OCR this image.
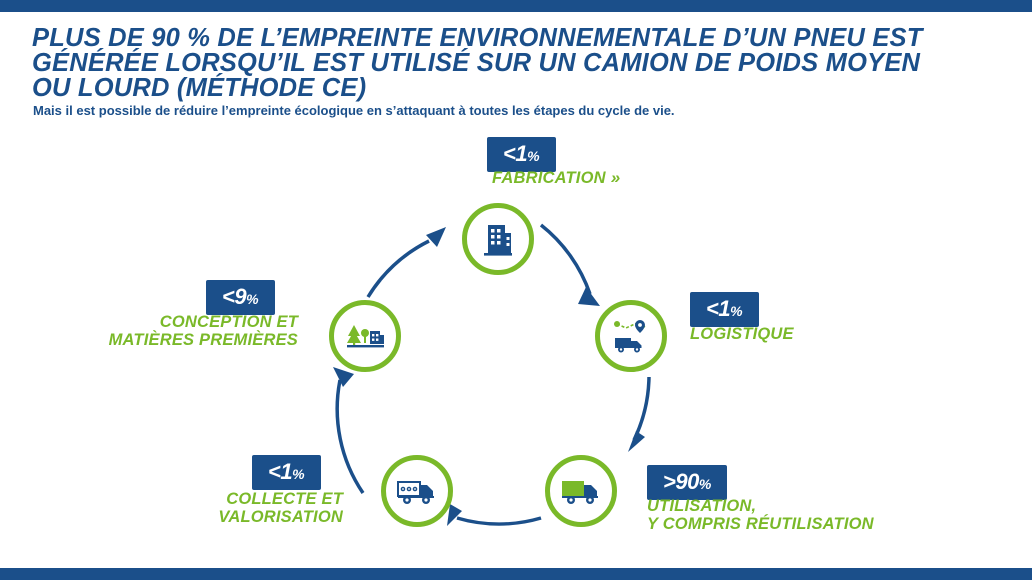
PLUS DE 90 % DE L’EMPREINTE ENVIRONNEMENTALE D’UN PNEU EST GÉNÉRÉE LORSQU’IL EST UTILISÉ SUR UN CAMION DE POIDS MOYEN OU LOURD (MÉTHODE CE)
Mais il est possible de réduire l’empreinte écologique en s’attaquant à toutes les étapes du cycle de vie.
<1%
FABRICATION »
<1%
LOGISTIQUE
>90%
UTILISATION,
Y COMPRIS RÉUTILISATION
<1%
COLLECTE ET
VALORISATION
<9%
CONCEPTION ET
MATIÈRES PREMIÈRES
